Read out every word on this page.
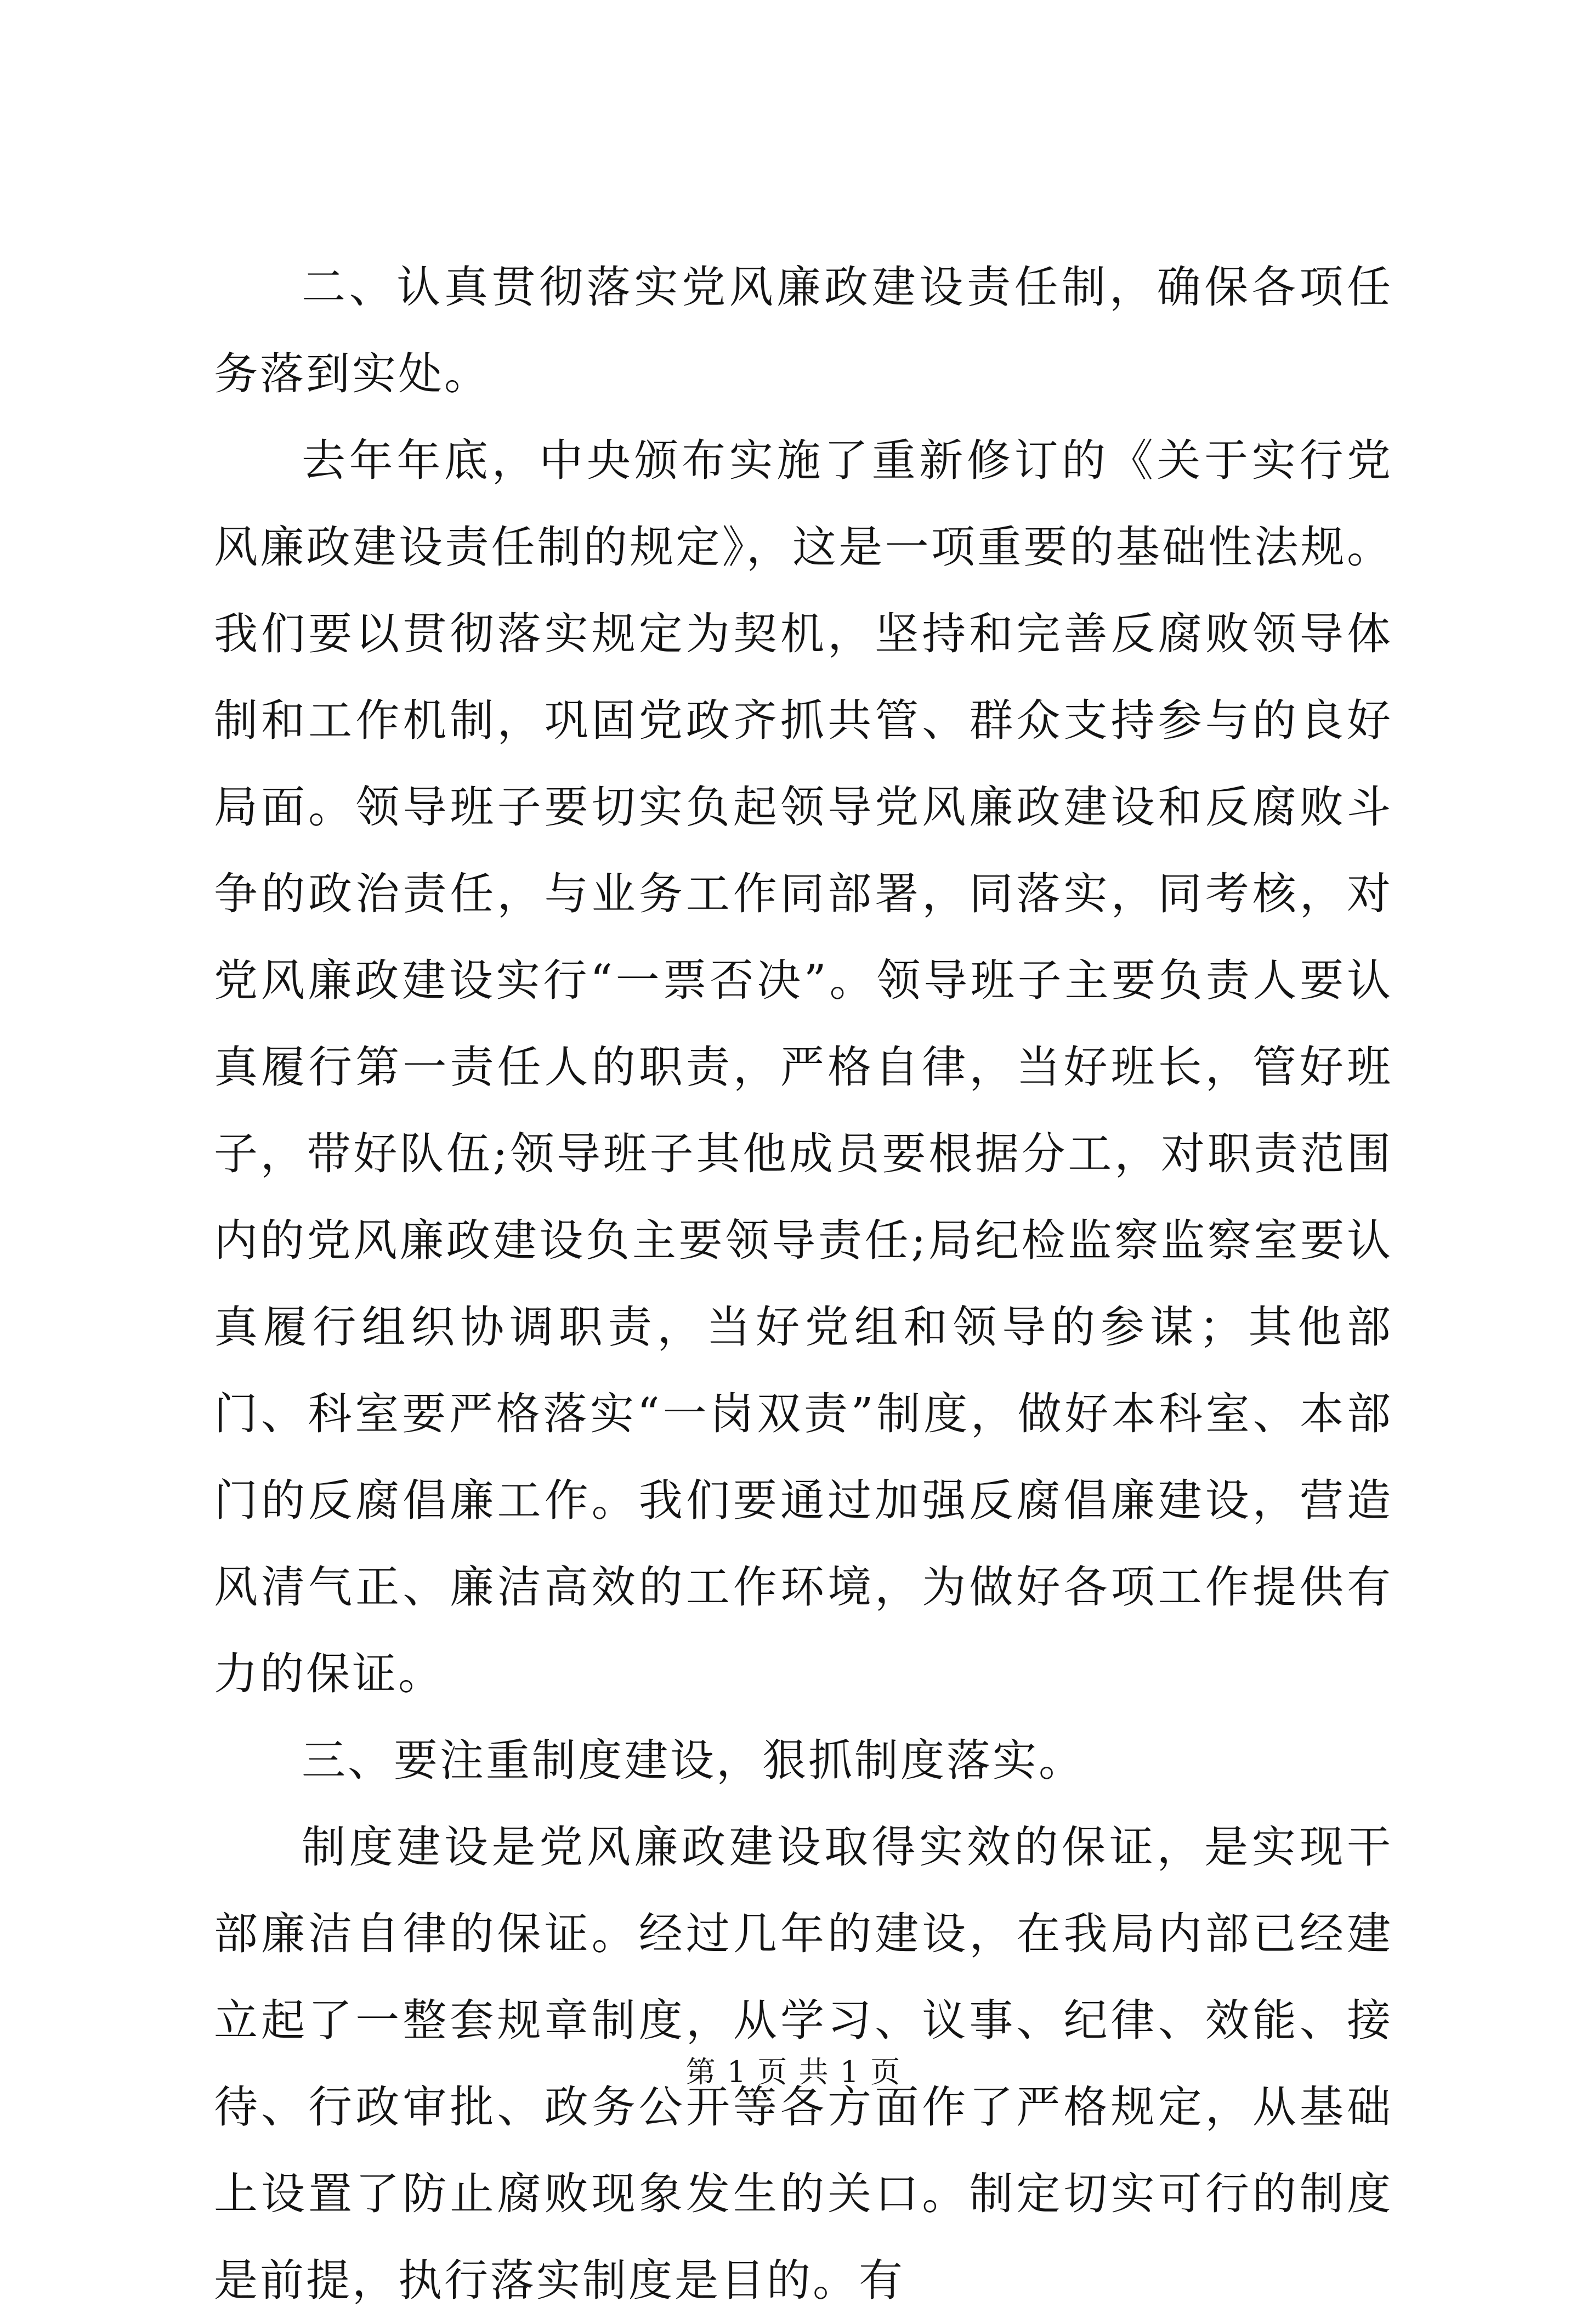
二、认真贯彻落实党风廉政建设责任制，确保各项任务落到实处。

去年年底，中央颁布实施了重新修订的《关于实行党风廉政建设责任制的规定》，这是一项重要的基础性法规。我们要以贯彻落实规定为契机，坚持和完善反腐败领导体制和工作机制，巩固党政齐抓共管、群众支持参与的良好局面。领导班子要切实负起领导党风廉政建设和反腐败斗争的政治责任，与业务工作同部署，同落实，同考核，对党风廉政建设实行“一票否决”。领导班子主要负责人要认真履行第一责任人的职责，严格自律，当好班长，管好班子，带好队伍;领导班子其他成员要根据分工，对职责范围内的党风廉政建设负主要领导责任;局纪检监察监察室要认真履行组织协调职责，当好党组和领导的参谋；其他部门、科室要严格落实“一岗双责”制度，做好本科室、本部门的反腐倡廉工作。我们要通过加强反腐倡廉建设，营造风清气正、廉洁高效的工作环境，为做好各项工作提供有力的保证。

三、要注重制度建设，狠抓制度落实。

制度建设是党风廉政建设取得实效的保证，是实现干部廉洁自律的保证。经过几年的建设，在我局内部已经建立起了一整套规章制度，从学习、议事、纪律、效能、接待、行政审批、政务公开等各方面作了严格规定，从基础上设置了防止腐败现象发生的关口。制定切实可行的制度是前提，执行落实制度是目的。有

第 1 页 共 1 页
